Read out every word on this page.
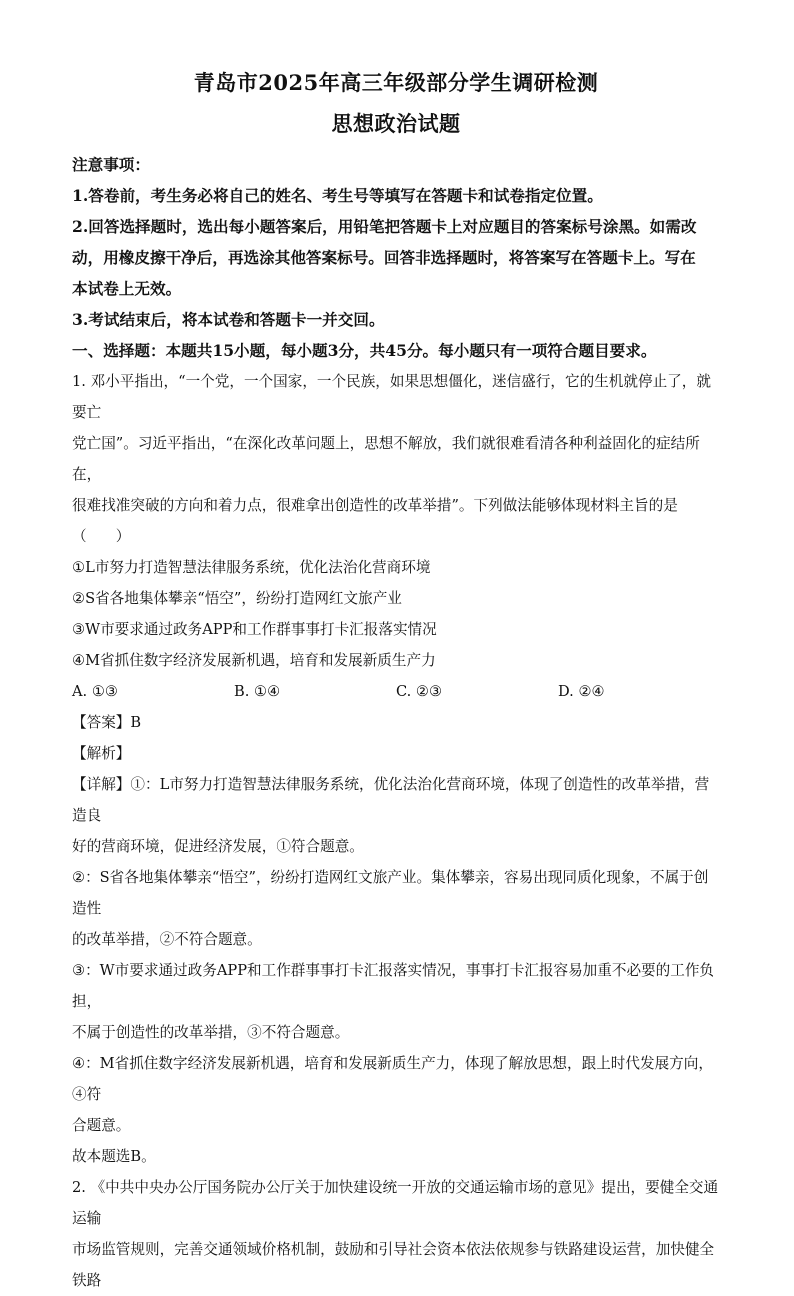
青岛市2025年高三年级部分学生调研检测
思想政治试题
注意事项：
1.答卷前，考生务必将自己的姓名、考生号等填写在答题卡和试卷指定位置。
2.回答选择题时，选出每小题答案后，用铅笔把答题卡上对应题目的答案标号涂黑。如需改
动，用橡皮擦干净后，再选涂其他答案标号。回答非选择题时，将答案写在答题卡上。写在
本试卷上无效。
3.考试结束后，将本试卷和答题卡一并交回。
一、选择题：本题共15小题，每小题3分，共45分。每小题只有一项符合题目要求。
1. 邓小平指出，“一个党，一个国家，一个民族，如果思想僵化，迷信盛行，它的生机就停止了，就要亡
党亡国”。习近平指出，“在深化改革问题上，思想不解放，我们就很难看清各种利益固化的症结所在，
很难找准突破的方向和着力点，很难拿出创造性的改革举措”。下列做法能够体现材料主旨的是（　　）
①L市努力打造智慧法律服务系统，优化法治化营商环境
②S省各地集体攀亲“悟空”，纷纷打造网红文旅产业
③W市要求通过政务APP和工作群事事打卡汇报落实情况
④M省抓住数字经济发展新机遇，培育和发展新质生产力
A. ①③	B. ①④	C. ②③	D. ②④
【答案】B
【解析】
【详解】①：L市努力打造智慧法律服务系统，优化法治化营商环境，体现了创造性的改革举措，营造良
好的营商环境，促进经济发展，①符合题意。
②：S省各地集体攀亲“悟空”，纷纷打造网红文旅产业。集体攀亲，容易出现同质化现象，不属于创造性
的改革举措，②不符合题意。
③：W市要求通过政务APP和工作群事事打卡汇报落实情况，事事打卡汇报容易加重不必要的工作负担，
不属于创造性的改革举措，③不符合题意。
④：M省抓住数字经济发展新机遇，培育和发展新质生产力，体现了解放思想，跟上时代发展方向，④符
合题意。
故本题选B。
2. 《中共中央办公厅国务院办公厅关于加快建设统一开放的交通运输市场的意见》提出，要健全交通运输
市场监管规则，完善交通领域价格机制，鼓励和引导社会资本依法依规参与铁路建设运营，加快健全铁路
